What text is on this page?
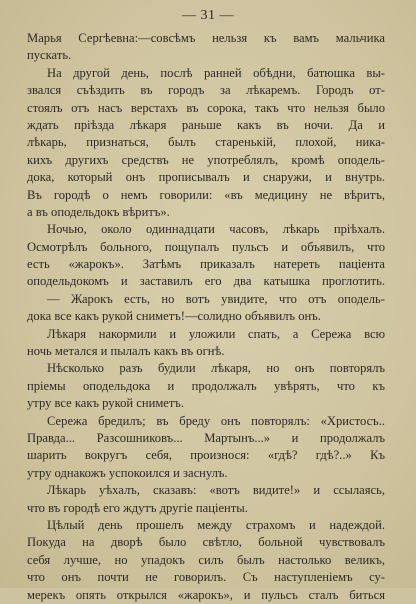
— 31 —
Марья Сергѣевна:—совсѣмъ нельзя къ вамъ мальчика
пускать.
На другой день, послѣ ранней обѣдни, батюшка вы-
звался съѣздить въ городъ за лѣкаремъ. Городъ от-
стоялъ отъ насъ верстахъ въ сорока, такъ что нельзя было
ждать пріѣзда лѣкаря раньше какъ въ ночи. Да и
лѣкарь, признаться, былъ старенькій, плохой, ника-
кихъ другихъ средствъ не употреблялъ, кромѣ оподель-
дока, который онъ прописывалъ и снаружи, и внутрь.
Въ городѣ о немъ говорили: «въ медицину не вѣритъ,
а въ оподельдокъ вѣритъ».
Ночью, около одиннадцати часовъ, лѣкарь пріѣхалъ.
Осмотрѣлъ больного, пощупалъ пульсъ и объявилъ, что
есть «жарокъ». Затѣмъ приказалъ натереть пацiента
оподельдокомъ и заставилъ его два катышка проглотить.
— Жарокъ есть, но вотъ увидите, что отъ оподель-
дока все какъ рукой сниметъ!—солидно объявилъ онъ.
Лѣкаря накормили и уложили спать, а Сережа всю
ночь метался и пылалъ какъ въ огнѣ.
Нѣсколько разъ будили лѣкаря, но онъ повторялъ
пріемы оподельдока и продолжалъ увѣрять, что къ
утру все какъ рукой сниметъ.
Сережа бредилъ; въ бреду онъ повторялъ: «Христосъ..
Правда... Разсошниковъ... Мартынъ...» и продолжалъ
шарить вокругъ себя, произнося: «гдѣ? гдѣ?..» Къ
утру однакожъ успокоился и заснулъ.
Лѣкарь уѣхалъ, сказавъ: «вотъ видите!» и ссылаясь,
что въ городѣ его ждутъ другіе пацiенты.
Цѣлый день прошелъ между страхомъ и надеждой.
Покуда на дворѣ было свѣтло, больной чувствовалъ
себя лучше, но упадокъ силъ былъ настолько великъ,
что онъ почти не говорилъ. Съ наступленіемъ су-
мерекъ опять открылся «жарокъ», и пульсъ сталъ биться
